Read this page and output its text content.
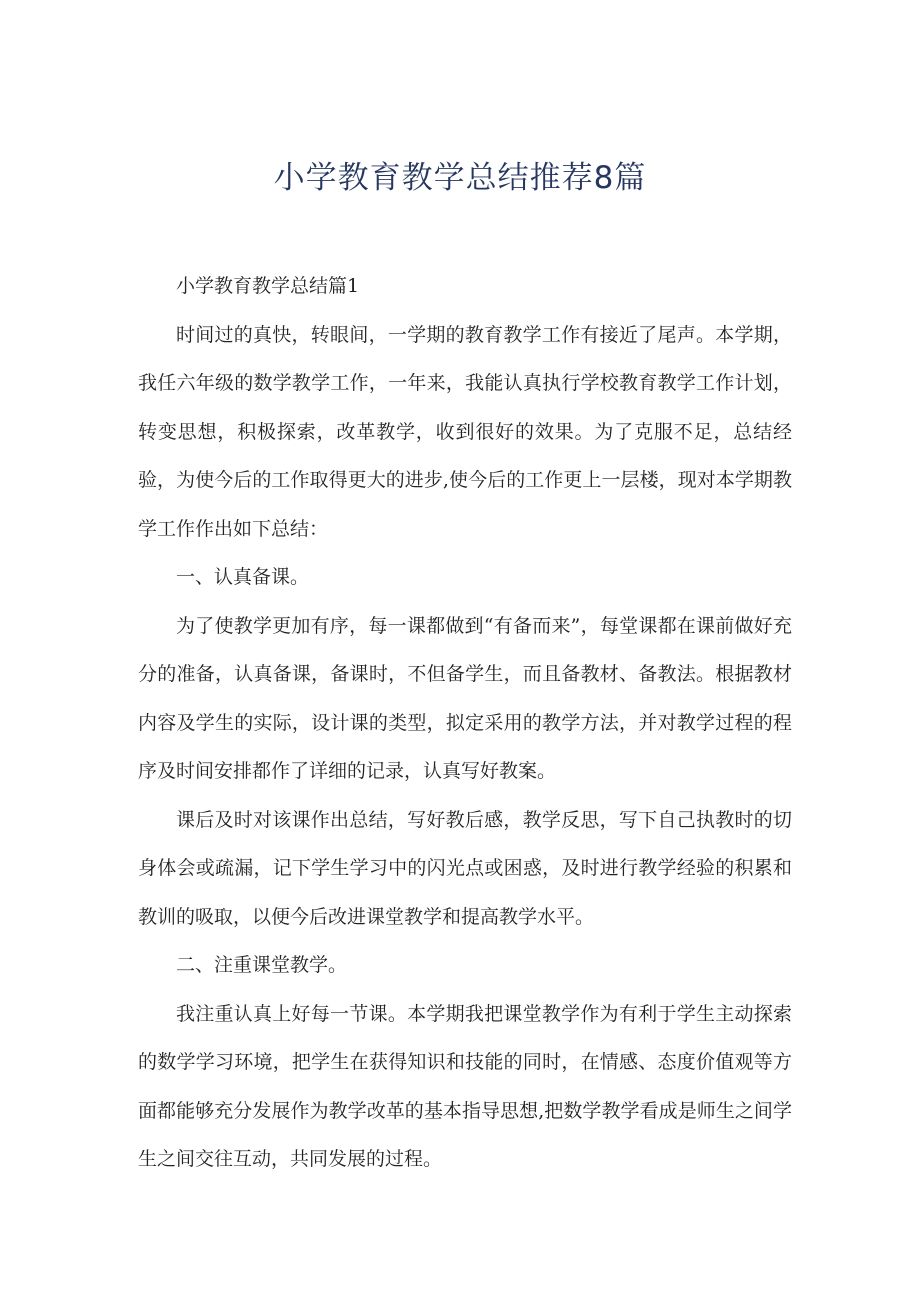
小学教育教学总结推荐8篇

小学教育教学总结篇1

时间过的真快，转眼间，一学期的教育教学工作有接近了尾声。本学期，我任六年级的数学教学工作，一年来，我能认真执行学校教育教学工作计划，转变思想，积极探索，改革教学，收到很好的效果。为了克服不足，总结经验，为使今后的工作取得更大的进步,使今后的工作更上一层楼，现对本学期教学工作作出如下总结：

一、认真备课。

为了使教学更加有序，每一课都做到“有备而来”，每堂课都在课前做好充分的准备，认真备课，备课时，不但备学生，而且备教材、备教法。根据教材内容及学生的实际，设计课的类型，拟定采用的教学方法，并对教学过程的程序及时间安排都作了详细的记录，认真写好教案。

课后及时对该课作出总结，写好教后感，教学反思，写下自己执教时的切身体会或疏漏，记下学生学习中的闪光点或困惑，及时进行教学经验的积累和教训的吸取，以便今后改进课堂教学和提高教学水平。

二、注重课堂教学。

我注重认真上好每一节课。本学期我把课堂教学作为有利于学生主动探索的数学学习环境，把学生在获得知识和技能的同时，在情感、态度价值观等方面都能够充分发展作为教学改革的基本指导思想,把数学教学看成是师生之间学生之间交往互动，共同发展的过程。
